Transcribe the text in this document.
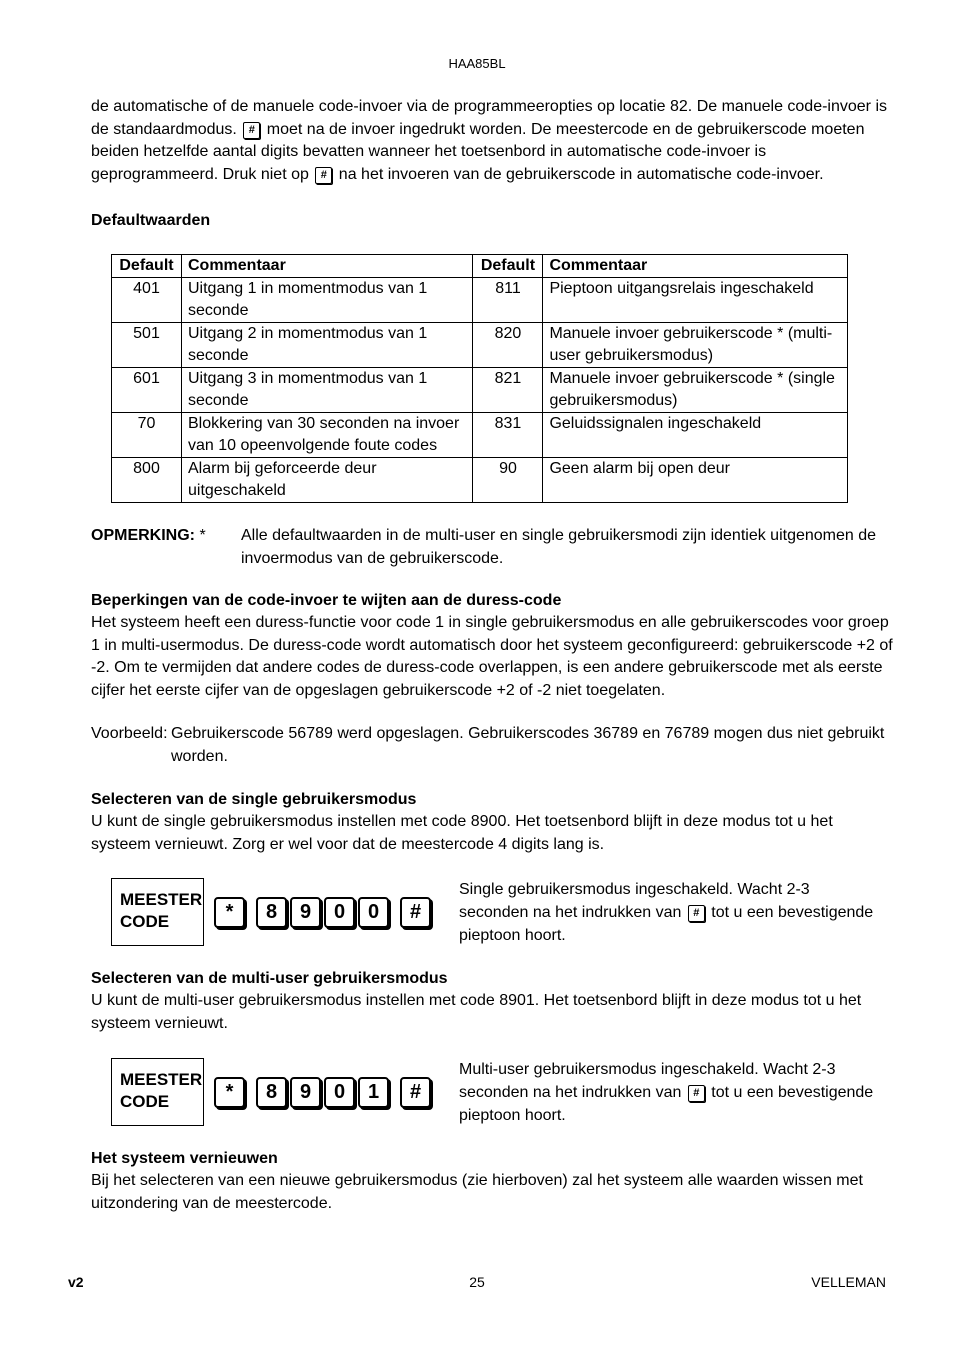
HAA85BL
de automatische of de manuele code-invoer via de programmeeropties op locatie 82. De manuele code-invoer is de standaardmodus. # moet na de invoer ingedrukt worden. De meestercode en de gebruikerscode moeten beiden hetzelfde aantal digits bevatten wanneer het toetsenbord in automatische code-invoer is geprogrammeerd. Druk niet op # na het invoeren van de gebruikerscode in automatische code-invoer.
Defaultwaarden
Default	Commentaar	Default	Commentaar
401	Uitgang 1 in momentmodus van 1 seconde	811	Pieptoon uitgangsrelais ingeschakeld
501	Uitgang 2 in momentmodus van 1 seconde	820	Manuele invoer gebruikerscode * (multi-user gebruikersmodus)
601	Uitgang 3 in momentmodus van 1 seconde	821	Manuele invoer gebruikerscode * (single gebruikersmodus)
70	Blokkering van 30 seconden na invoer van 10 opeenvolgende foute codes	831	Geluidssignalen ingeschakeld
800	Alarm bij geforceerde deur uitgeschakeld	90	Geen alarm bij open deur
OPMERKING: * Alle defaultwaarden in de multi-user en single gebruikersmodi zijn identiek uitgenomen de invoermodus van de gebruikerscode.
Beperkingen van de code-invoer te wijten aan de duress-code
Het systeem heeft een duress-functie voor code 1 in single gebruikersmodus en alle gebruikerscodes voor groep 1 in multi-usermodus. De duress-code wordt automatisch door het systeem geconfigureerd: gebruikerscode +2 of -2. Om te vermijden dat andere codes de duress-code overlappen, is een andere gebruikerscode met als eerste cijfer het eerste cijfer van de opgeslagen gebruikerscode +2 of -2 niet toegelaten.
Voorbeeld: Gebruikerscode 56789 werd opgeslagen. Gebruikerscodes 36789 en 76789 mogen dus niet gebruikt worden.
Selecteren van de single gebruikersmodus
U kunt de single gebruikersmodus instellen met code 8900. Het toetsenbord blijft in deze modus tot u het systeem vernieuwt. Zorg er wel voor dat de meestercode 4 digits lang is.
MEESTER
CODE	*	8	9	0	0	#
Single gebruikersmodus ingeschakeld. Wacht 2-3 seconden na het indrukken van # tot u een bevestigende pieptoon hoort.
Selecteren van de multi-user gebruikersmodus
U kunt de multi-user gebruikersmodus instellen met code 8901. Het toetsenbord blijft in deze modus tot u het systeem vernieuwt.
MEESTER
CODE	*	8	9	0	1	#
Multi-user gebruikersmodus ingeschakeld. Wacht 2-3 seconden na het indrukken van # tot u een bevestigende pieptoon hoort.
Het systeem vernieuwen
Bij het selecteren van een nieuwe gebruikersmodus (zie hierboven) zal het systeem alle waarden wissen met uitzondering van de meestercode.
v2	25	VELLEMAN
